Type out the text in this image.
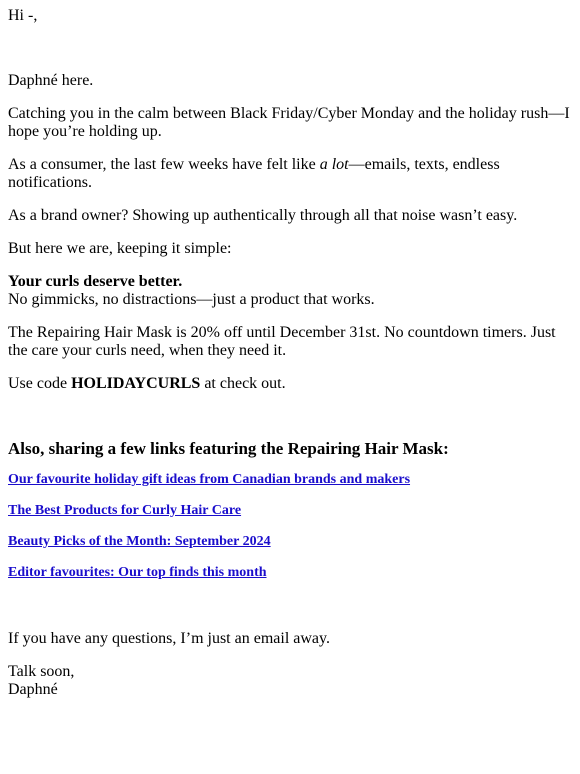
Hi -,

Daphné here.

Catching you in the calm between Black Friday/Cyber Monday and the holiday rush—I hope you’re holding up.

As a consumer, the last few weeks have felt like a lot—emails, texts, endless notifications.

As a brand owner? Showing up authentically through all that noise wasn’t easy.

But here we are, keeping it simple:

Your curls deserve better.
No gimmicks, no distractions—just a product that works.

The Repairing Hair Mask is 20% off until December 31st. No countdown timers. Just the care your curls need, when they need it.

Use code HOLIDAYCURLS at check out.

Also, sharing a few links featuring the Repairing Hair Mask:

Our favourite holiday gift ideas from Canadian brands and makers

The Best Products for Curly Hair Care

Beauty Picks of the Month: September 2024

Editor favourites: Our top finds this month

If you have any questions, I’m just an email away.

Talk soon,
Daphné
